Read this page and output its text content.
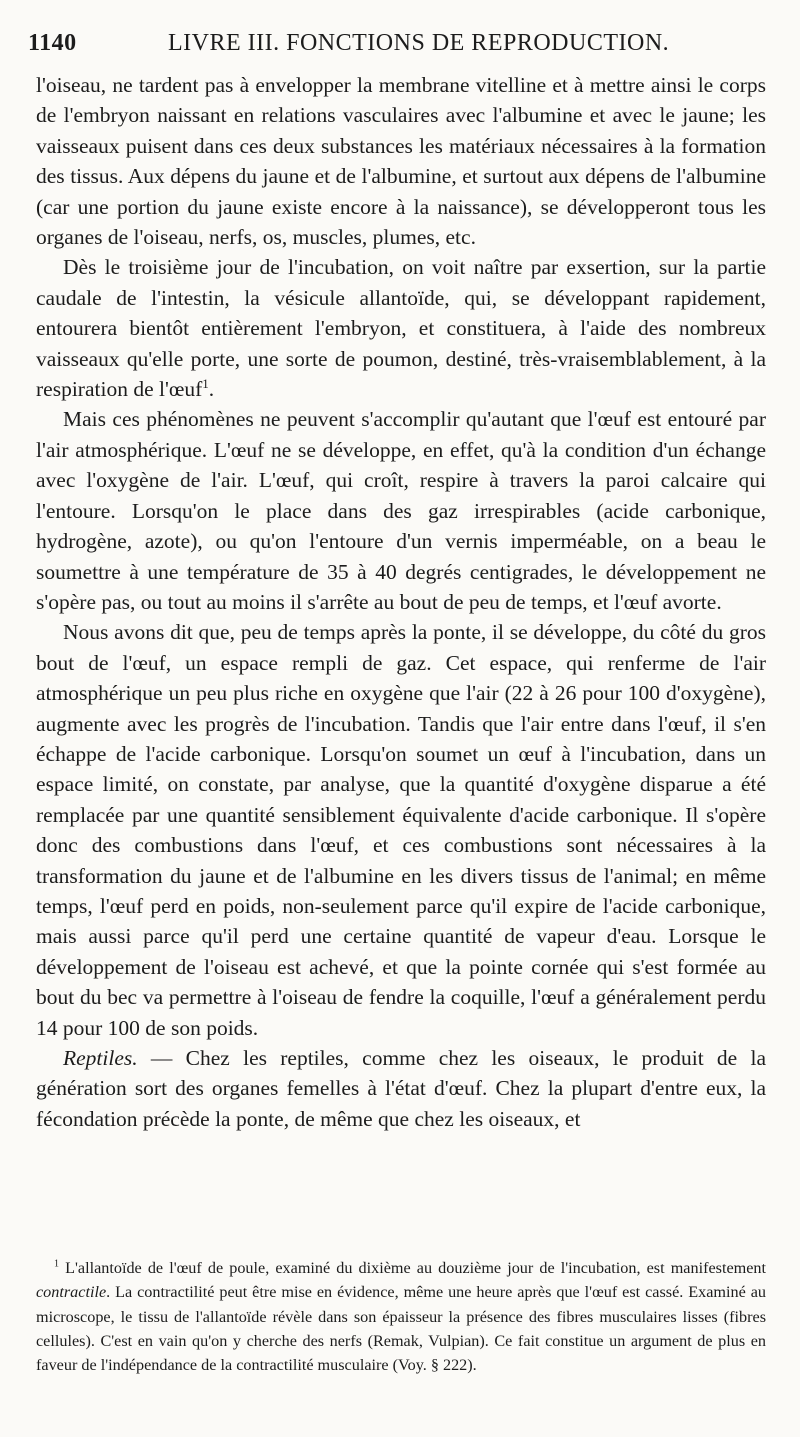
1140	LIVRE III. FONCTIONS DE REPRODUCTION.

l'oiseau, ne tardent pas à envelopper la membrane vitelline et à mettre ainsi le corps de l'embryon naissant en relations vasculaires avec l'albumine et avec le jaune; les vaisseaux puisent dans ces deux substances les matériaux nécessaires à la formation des tissus. Aux dépens du jaune et de l'albumine, et surtout aux dépens de l'albumine (car une portion du jaune existe encore à la naissance), se développeront tous les organes de l'oiseau, nerfs, os, muscles, plumes, etc.

Dès le troisième jour de l'incubation, on voit naître par exsertion, sur la partie caudale de l'intestin, la vésicule allantoïde, qui, se développant rapidement, entourera bientôt entièrement l'embryon, et constituera, à l'aide des nombreux vaisseaux qu'elle porte, une sorte de poumon, destiné, très-vraisemblablement, à la respiration de l'œuf$^1$.

Mais ces phénomènes ne peuvent s'accomplir qu'autant que l'œuf est entouré par l'air atmosphérique. L'œuf ne se développe, en effet, qu'à la condition d'un échange avec l'oxygène de l'air. L'œuf, qui croît, respire à travers la paroi calcaire qui l'entoure. Lorsqu'on le place dans des gaz irrespirables (acide carbonique, hydrogène, azote), ou qu'on l'entoure d'un vernis imperméable, on a beau le soumettre à une température de 35 à 40 degrés centigrades, le développement ne s'opère pas, ou tout au moins il s'arrête au bout de peu de temps, et l'œuf avorte.

Nous avons dit que, peu de temps après la ponte, il se développe, du côté du gros bout de l'œuf, un espace rempli de gaz. Cet espace, qui renferme de l'air atmosphérique un peu plus riche en oxygène que l'air (22 à 26 pour 100 d'oxygène), augmente avec les progrès de l'incubation. Tandis que l'air entre dans l'œuf, il s'en échappe de l'acide carbonique. Lorsqu'on soumet un œuf à l'incubation, dans un espace limité, on constate, par analyse, que la quantité d'oxygène disparue a été remplacée par une quantité sensiblement équivalente d'acide carbonique. Il s'opère donc des combustions dans l'œuf, et ces combustions sont nécessaires à la transformation du jaune et de l'albumine en les divers tissus de l'animal; en même temps, l'œuf perd en poids, non-seulement parce qu'il expire de l'acide carbonique, mais aussi parce qu'il perd une certaine quantité de vapeur d'eau. Lorsque le développement de l'oiseau est achevé, et que la pointe cornée qui s'est formée au bout du bec va permettre à l'oiseau de fendre la coquille, l'œuf a généralement perdu 14 pour 100 de son poids.

Reptiles. — Chez les reptiles, comme chez les oiseaux, le produit de la génération sort des organes femelles à l'état d'œuf. Chez la plupart d'entre eux, la fécondation précède la ponte, de même que chez les oiseaux, et

$^1$ L'allantoïde de l'œuf de poule, examiné du dixième au douzième jour de l'incubation, est manifestement contractile. La contractilité peut être mise en évidence, même une heure après que l'œuf est cassé. Examiné au microscope, le tissu de l'allantoïde révèle dans son épaisseur la présence des fibres musculaires lisses (fibres cellules). C'est en vain qu'on y cherche des nerfs (Remak, Vulpian). Ce fait constitue un argument de plus en faveur de l'indépendance de la contractilité musculaire (Voy. § 222).
